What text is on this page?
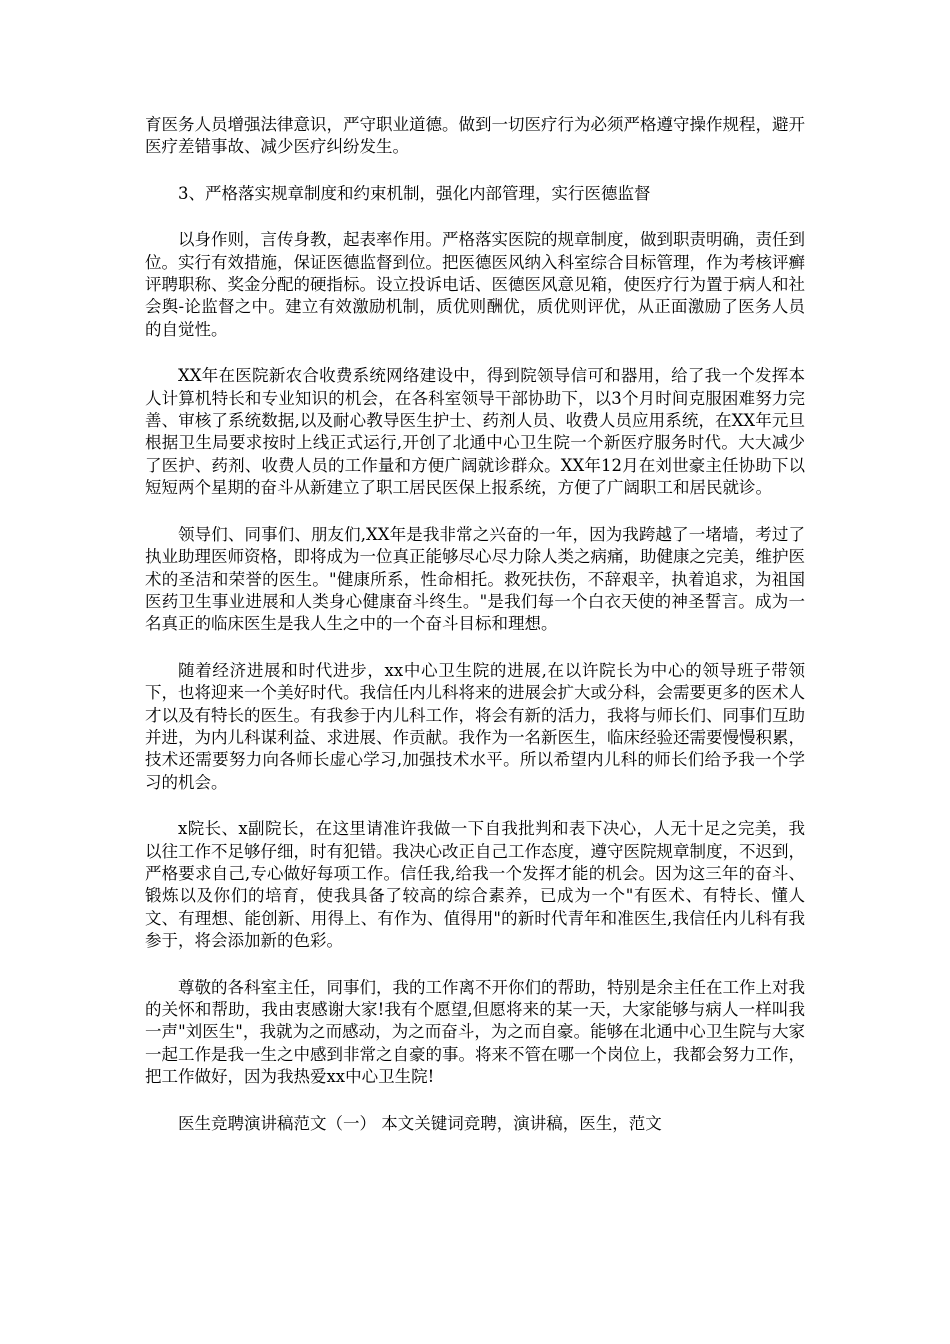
育医务人员增强法律意识，严守职业道德。做到一切医疗行为必须严格遵守操作规程，避开医疗差错事故、减少医疗纠纷发生。

3、严格落实规章制度和约束机制，强化内部管理，实行医德监督

以身作则，言传身教，起表率作用。严格落实医院的规章制度，做到职责明确，责任到位。实行有效措施，保证医德监督到位。把医德医风纳入科室综合目标管理，作为考核评癣评聘职称、奖金分配的硬指标。设立投诉电话、医德医风意见箱，使医疗行为置于病人和社会舆-论监督之中。建立有效激励机制，质优则酬优，质优则评优，从正面激励了医务人员的自觉性。

XX年在医院新农合收费系统网络建设中，得到院领导信可和器用，给了我一个发挥本人计算机特长和专业知识的机会，在各科室领导干部协助下，以3个月时间克服困难努力完善、审核了系统数据,以及耐心教导医生护士、药剂人员、收费人员应用系统，在XX年元旦根据卫生局要求按时上线正式运行,开创了北通中心卫生院一个新医疗服务时代。大大减少了医护、药剂、收费人员的工作量和方便广阔就诊群众。XX年12月在刘世豪主任协助下以短短两个星期的奋斗从新建立了职工居民医保上报系统，方便了广阔职工和居民就诊。

领导们、同事们、朋友们,XX年是我非常之兴奋的一年，因为我跨越了一堵墙，考过了执业助理医师资格，即将成为一位真正能够尽心尽力除人类之病痛，助健康之完美，维护医术的圣洁和荣誉的医生。"健康所系，性命相托。救死扶伤，不辞艰辛，执着追求，为祖国医药卫生事业进展和人类身心健康奋斗终生。"是我们每一个白衣天使的神圣誓言。成为一名真正的临床医生是我人生之中的一个奋斗目标和理想。

随着经济进展和时代进步，xx中心卫生院的进展,在以许院长为中心的领导班子带领下，也将迎来一个美好时代。我信任内儿科将来的进展会扩大或分科，会需要更多的医术人才以及有特长的医生。有我参于内儿科工作，将会有新的活力，我将与师长们、同事们互助并进，为内儿科谋利益、求进展、作贡献。我作为一名新医生，临床经验还需要慢慢积累，技术还需要努力向各师长虚心学习,加强技术水平。所以希望内儿科的师长们给予我一个学习的机会。

x院长、x副院长，在这里请准许我做一下自我批判和表下决心，人无十足之完美，我以往工作不足够仔细，时有犯错。我决心改正自己工作态度，遵守医院规章制度，不迟到，严格要求自己,专心做好每项工作。信任我,给我一个发挥才能的机会。因为这三年的奋斗、锻炼以及你们的培育，使我具备了较高的综合素养，已成为一个"有医术、有特长、懂人文、有理想、能创新、用得上、有作为、值得用"的新时代青年和准医生,我信任内儿科有我参于，将会添加新的色彩。

尊敬的各科室主任，同事们，我的工作离不开你们的帮助，特别是余主任在工作上对我的关怀和帮助，我由衷感谢大家!我有个愿望,但愿将来的某一天，大家能够与病人一样叫我一声"刘医生"，我就为之而感动，为之而奋斗，为之而自豪。能够在北通中心卫生院与大家一起工作是我一生之中感到非常之自豪的事。将来不管在哪一个岗位上，我都会努力工作，把工作做好，因为我热爱xx中心卫生院!

医生竞聘演讲稿范文（一） 本文关键词竞聘，演讲稿，医生，范文
